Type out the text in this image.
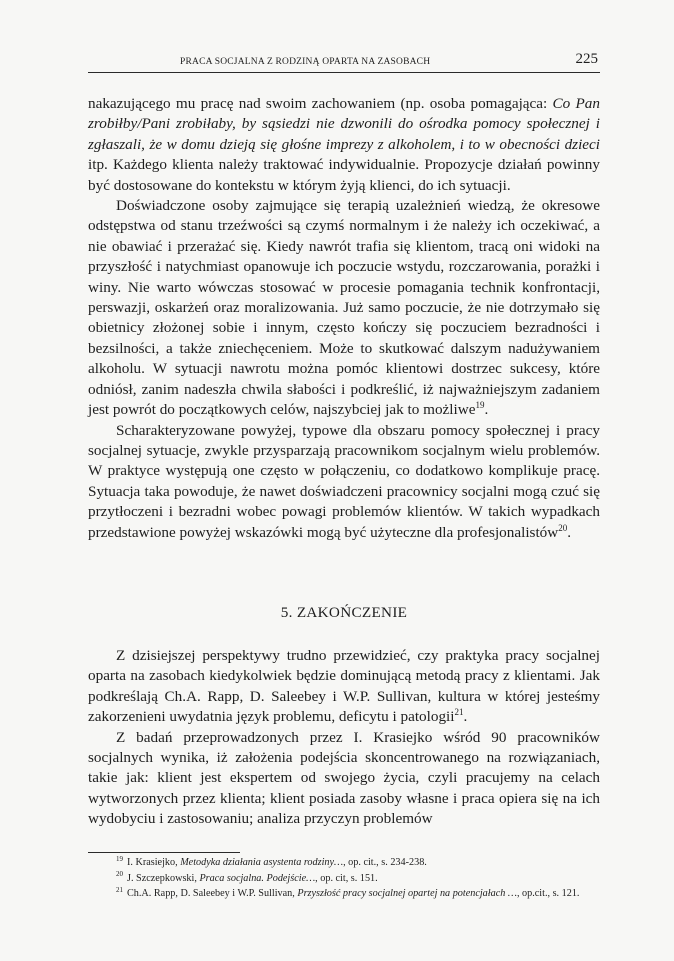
PRACA SOCJALNA Z RODZINĄ OPARTA NA ZASOBACH	225

nakazującego mu pracę nad swoim zachowaniem (np. osoba pomagająca: Co Pan zrobiłby/Pani zrobiłaby, by sąsiedzi nie dzwonili do ośrodka pomocy społecznej i zgłaszali, że w domu dzieją się głośne imprezy z alkoholem, i to w obecności dzieci itp. Każdego klienta należy traktować indywidualnie. Propozycje działań powinny być dostosowane do kontekstu w którym żyją klienci, do ich sytuacji.

Doświadczone osoby zajmujące się terapią uzależnień wiedzą, że okresowe odstępstwa od stanu trzeźwości są czymś normalnym i że należy ich oczekiwać, a nie obawiać i przerażać się. Kiedy nawrót trafia się klientom, tracą oni widoki na przyszłość i natychmiast opanowuje ich poczucie wstydu, rozczarowania, porażki i winy. Nie warto wówczas stosować w procesie pomagania technik konfrontacji, perswazji, oskarżeń oraz moralizowania. Już samo poczucie, że nie dotrzymało się obietnicy złożonej sobie i innym, często kończy się poczuciem bezradności i bezsilności, a także zniechęceniem. Może to skutkować dalszym nadużywaniem alkoholu. W sytuacji nawrotu można pomóc klientowi dostrzec sukcesy, które odniósł, zanim nadeszła chwila słabości i podkreślić, iż najważniejszym zadaniem jest powrót do początkowych celów, najszybciej jak to możliwe$^{19}$.

Scharakteryzowane powyżej, typowe dla obszaru pomocy społecznej i pracy socjalnej sytuacje, zwykle przysparzają pracownikom socjalnym wielu problemów. W praktyce występują one często w połączeniu, co dodatkowo komplikuje pracę. Sytuacja taka powoduje, że nawet doświadczeni pracownicy socjalni mogą czuć się przytłoczeni i bezradni wobec powagi problemów klientów. W takich wypadkach przedstawione powyżej wskazówki mogą być użyteczne dla profesjonalistów$^{20}$.

5. ZAKOŃCZENIE

Z dzisiejszej perspektywy trudno przewidzieć, czy praktyka pracy socjalnej oparta na zasobach kiedykolwiek będzie dominującą metodą pracy z klientami. Jak podkreślają Ch.A. Rapp, D. Saleebey i W.P. Sullivan, kultura w której jesteśmy zakorzenieni uwydatnia język problemu, deficytu i patologii$^{21}$.

Z badań przeprowadzonych przez I. Krasiejko wśród 90 pracowników socjalnych wynika, iż założenia podejścia skoncentrowanego na rozwiązaniach, takie jak: klient jest ekspertem od swojego życia, czyli pracujemy na celach wytworzonych przez klienta; klient posiada zasoby własne i praca opiera się na ich wydobyciu i zastosowaniu; analiza przyczyn problemów

$^{19}$ I. Krasiejko, Metodyka działania asystenta rodziny…, op. cit., s. 234-238.

$^{20}$ J. Szczepkowski, Praca socjalna. Podejście…, op. cit, s. 151.

$^{21}$ Ch.A. Rapp, D. Saleebey i W.P. Sullivan, Przyszłość pracy socjalnej opartej na potencjałach …, op.cit., s. 121.
